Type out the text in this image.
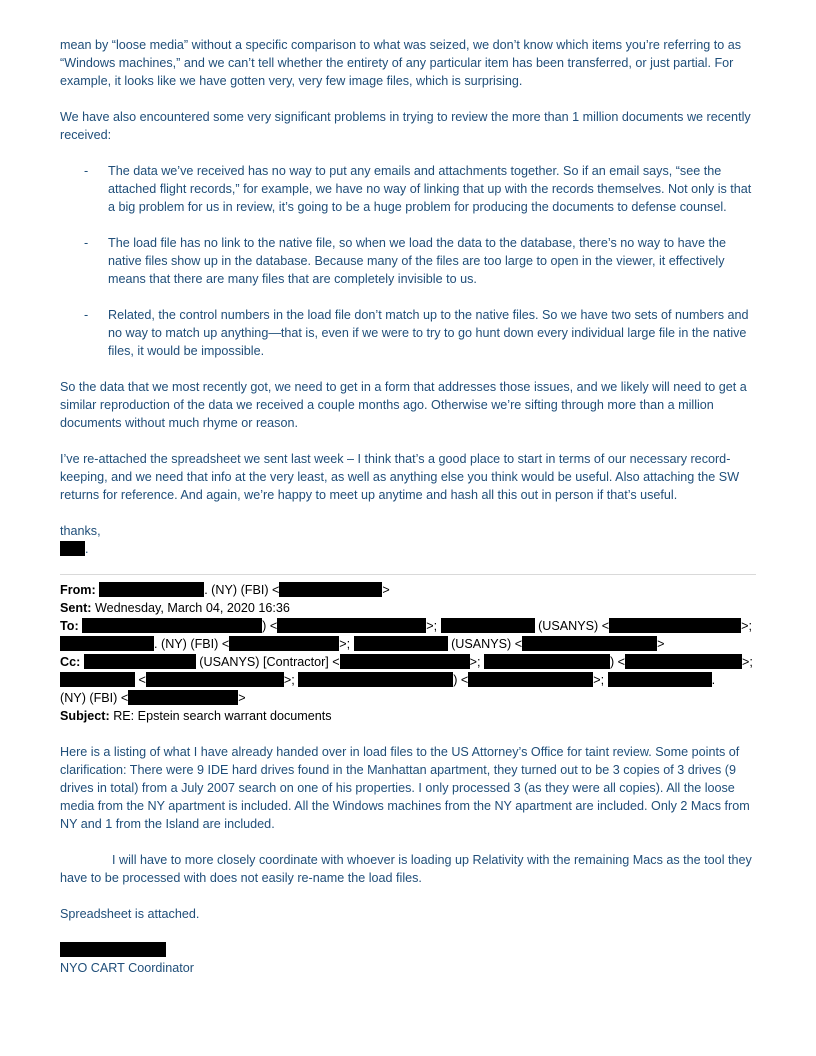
mean by “loose media” without a specific comparison to what was seized, we don’t know which items you’re referring to as “Windows machines,” and we can’t tell whether the entirety of any particular item has been transferred, or just partial. For example, it looks like we have gotten very, very few image files, which is surprising.

We have also encountered some very significant problems in trying to review the more than 1 million documents we recently received:

- The data we’ve received has no way to put any emails and attachments together. So if an email says, “see the attached flight records,” for example, we have no way of linking that up with the records themselves. Not only is that a big problem for us in review, it’s going to be a huge problem for producing the documents to defense counsel.
- The load file has no link to the native file, so when we load the data to the database, there’s no way to have the native files show up in the database. Because many of the files are too large to open in the viewer, it effectively means that there are many files that are completely invisible to us.
- Related, the control numbers in the load file don’t match up to the native files. So we have two sets of numbers and no way to match up anything—that is, even if we were to try to go hunt down every individual large file in the native files, it would be impossible.

So the data that we most recently got, we need to get in a form that addresses those issues, and we likely will need to get a similar reproduction of the data we received a couple months ago. Otherwise we’re sifting through more than a million documents without much rhyme or reason.

I’ve re-attached the spreadsheet we sent last week – I think that’s a good place to start in terms of our necessary record-keeping, and we need that info at the very least, as well as anything else you think would be useful. Also attaching the SW returns for reference. And again, we’re happy to meet up anytime and hash all this out in person if that’s useful.

thanks,

.

From:	. (NY) (FBI) <	>

Sent: Wednesday, March 04, 2020 16:36

To:	) <	>;	(USANYS) <	>;
. (NY) (FBI) <	>;	(USANYS) <	>

Cc:	(USANYS) [Contractor] <	>;	) <	>;
<	>;	) <	>;	.
(NY) (FBI) <	>

Subject: RE: Epstein search warrant documents

Here is a listing of what I have already handed over in load files to the US Attorney’s Office for taint review. Some points of clarification: There were 9 IDE hard drives found in the Manhattan apartment, they turned out to be 3 copies of 3 drives (9 drives in total) from a July 2007 search on one of his properties. I only processed 3 (as they were all copies). All the loose media from the NY apartment is included. All the Windows machines from the NY apartment are included. Only 2 Macs from NY and 1 from the Island are included.

I will have to more closely coordinate with whoever is loading up Relativity with the remaining Macs as the tool they have to be processed with does not easily re-name the load files.

Spreadsheet is attached.

NYO CART Coordinator
